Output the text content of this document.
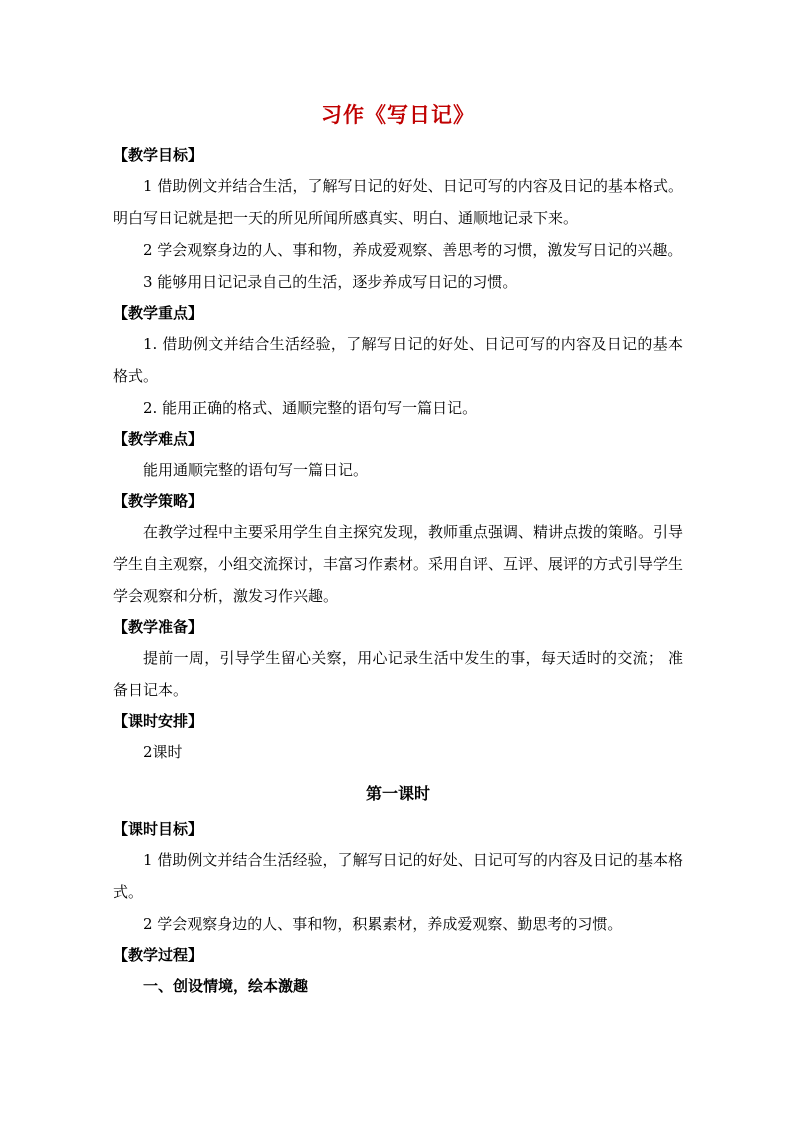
习作《写日记》
【教学目标】

1 借助例文并结合生活，了解写日记的好处、日记可写的内容及日记的基本格式。明白写日记就是把一天的所见所闻所感真实、明白、通顺地记录下来。

2 学会观察身边的人、事和物，养成爱观察、善思考的习惯，激发写日记的兴趣。

3 能够用日记记录自己的生活，逐步养成写日记的习惯。

【教学重点】

1. 借助例文并结合生活经验，了解写日记的好处、日记可写的内容及日记的基本格式。

2. 能用正确的格式、通顺完整的语句写一篇日记。

【教学难点】

能用通顺完整的语句写一篇日记。

【教学策略】

在教学过程中主要采用学生自主探究发现，教师重点强调、精讲点拨的策略。引导学生自主观察，小组交流探讨，丰富习作素材。采用自评、互评、展评的方式引导学生学会观察和分析，激发习作兴趣。

【教学准备】

提前一周，引导学生留心关察，用心记录生活中发生的事，每天适时的交流； 准备日记本。

【课时安排】

2课时

第一课时
【课时目标】

1 借助例文并结合生活经验，了解写日记的好处、日记可写的内容及日记的基本格式。

2 学会观察身边的人、事和物，积累素材，养成爱观察、勤思考的习惯。

【教学过程】

一、创设情境，绘本激趣
